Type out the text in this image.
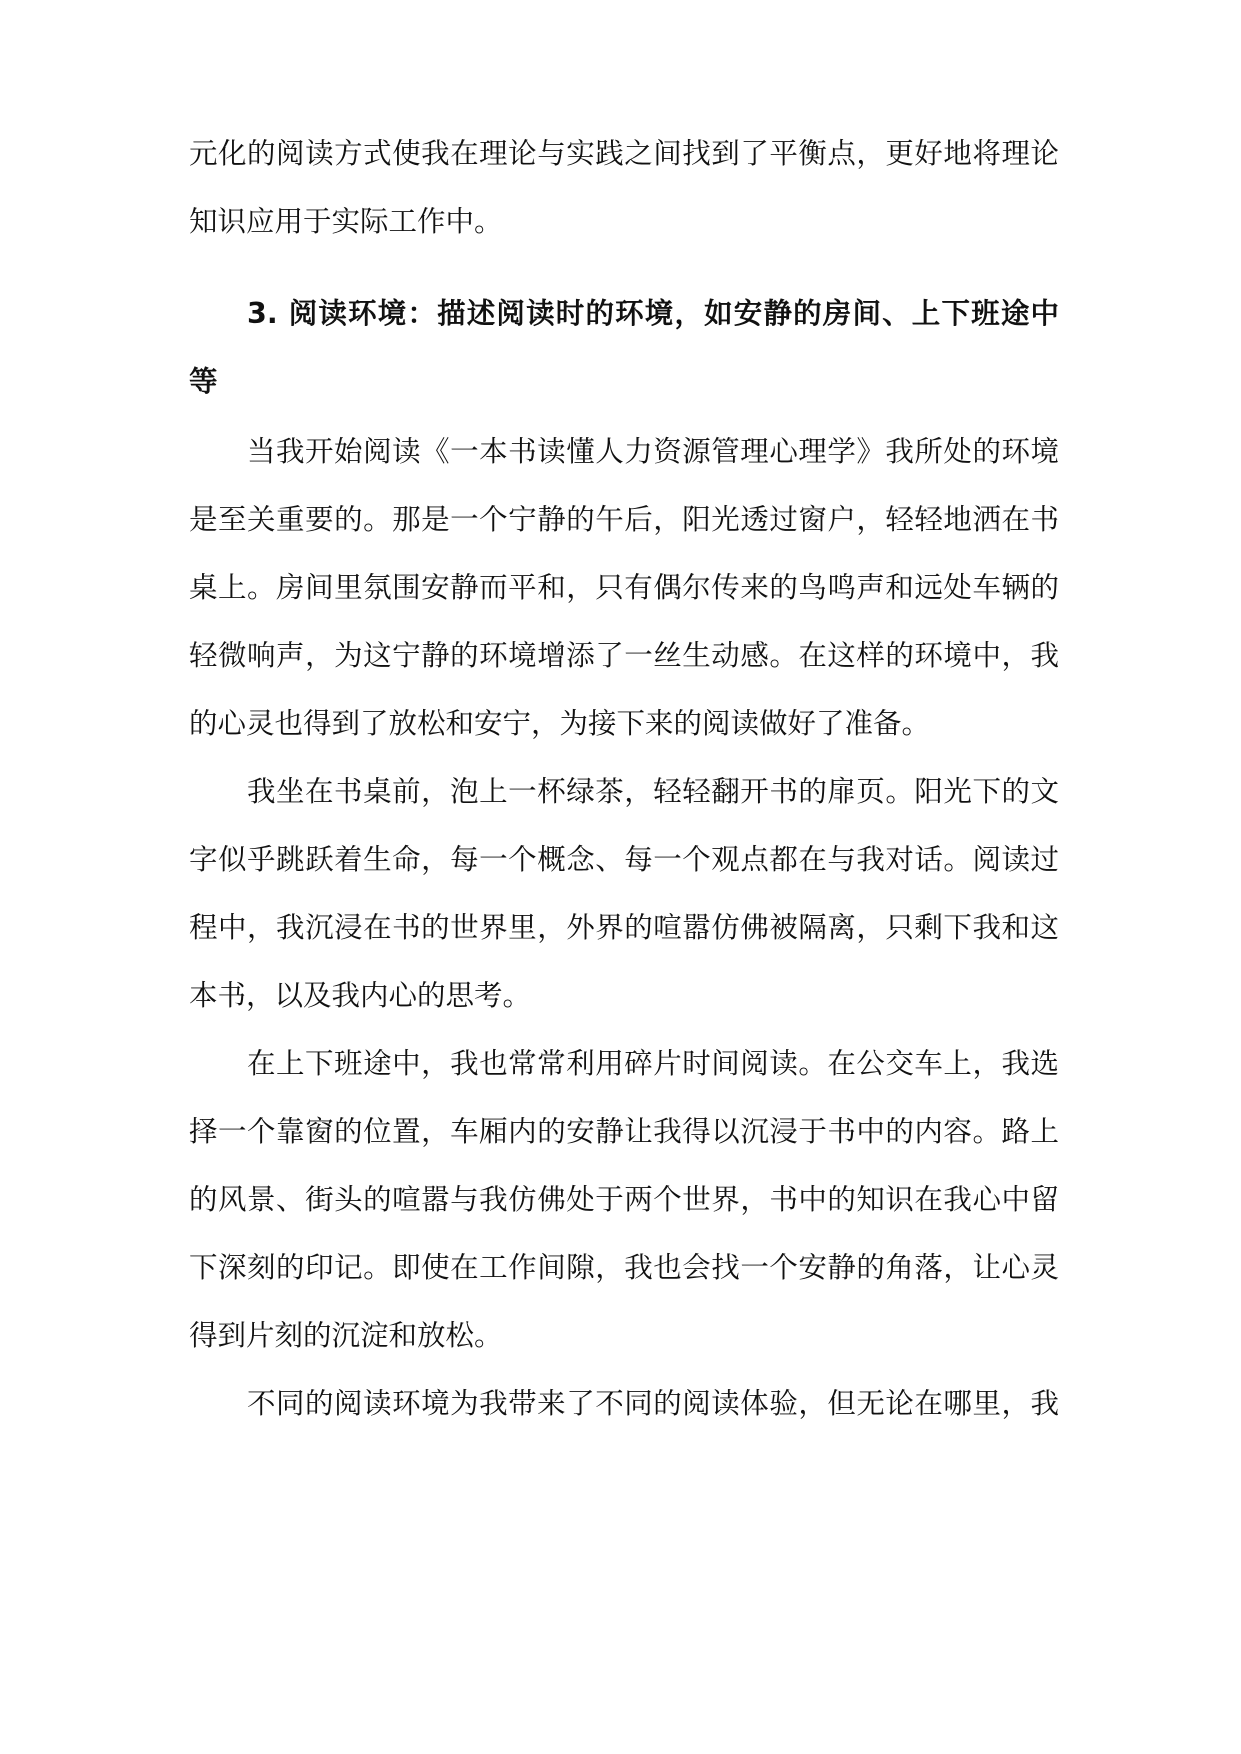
元化的阅读方式使我在理论与实践之间找到了平衡点，更好地将理论
知识应用于实际工作中。
3. 阅读环境：描述阅读时的环境，如安静的房间、上下班途中
等
当我开始阅读《一本书读懂人力资源管理心理学》我所处的环境
是至关重要的。那是一个宁静的午后，阳光透过窗户，轻轻地洒在书
桌上。房间里氛围安静而平和，只有偶尔传来的鸟鸣声和远处车辆的
轻微响声，为这宁静的环境增添了一丝生动感。在这样的环境中，我
的心灵也得到了放松和安宁，为接下来的阅读做好了准备。
我坐在书桌前，泡上一杯绿茶，轻轻翻开书的扉页。阳光下的文
字似乎跳跃着生命，每一个概念、每一个观点都在与我对话。阅读过
程中，我沉浸在书的世界里，外界的喧嚣仿佛被隔离，只剩下我和这
本书，以及我内心的思考。
在上下班途中，我也常常利用碎片时间阅读。在公交车上，我选
择一个靠窗的位置，车厢内的安静让我得以沉浸于书中的内容。路上
的风景、街头的喧嚣与我仿佛处于两个世界，书中的知识在我心中留
下深刻的印记。即使在工作间隙，我也会找一个安静的角落，让心灵
得到片刻的沉淀和放松。
不同的阅读环境为我带来了不同的阅读体验，但无论在哪里，我
